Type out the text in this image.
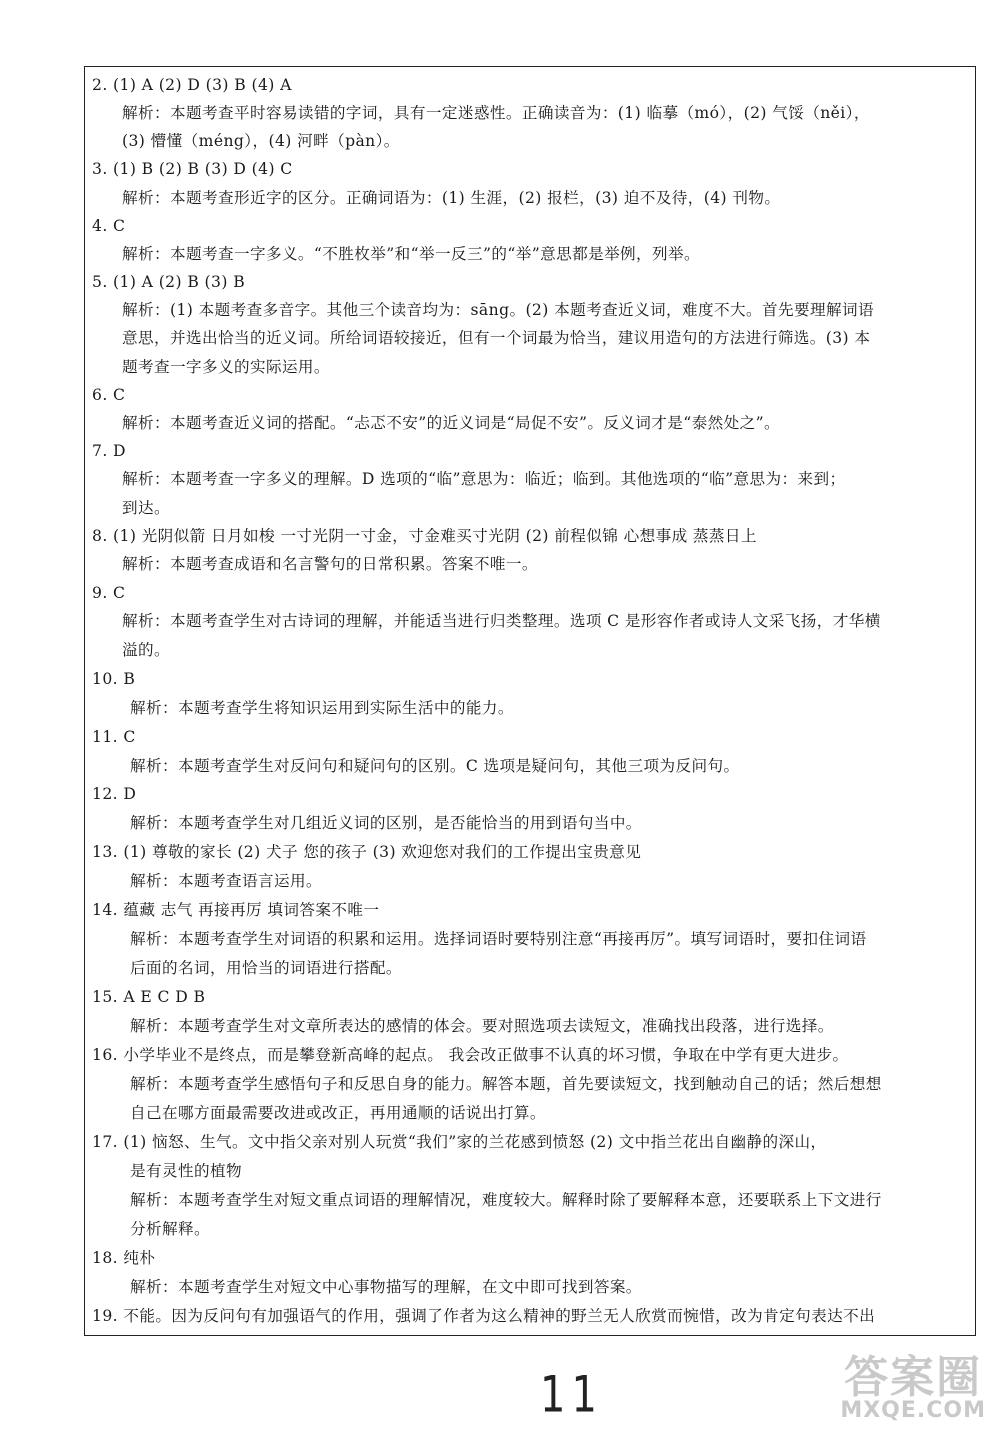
2. (1) A (2) D (3) B (4) A
解析：本题考查平时容易读错的字词，具有一定迷惑性。正确读音为：(1) 临摹（mó），(2) 气馁（něi），
(3) 懵懂（méng），(4) 河畔（pàn）。
3. (1) B (2) B (3) D (4) C
解析：本题考查形近字的区分。正确词语为：(1) 生涯，(2) 报栏，(3) 迫不及待，(4) 刊物。
4. C
解析：本题考查一字多义。“不胜枚举”和“举一反三”的“举”意思都是举例，列举。
5. (1) A (2) B (3) B
解析：(1) 本题考查多音字。其他三个读音均为：sāng。(2) 本题考查近义词，难度不大。首先要理解词语
意思，并选出恰当的近义词。所给词语较接近，但有一个词最为恰当，建议用造句的方法进行筛选。(3) 本
题考查一字多义的实际运用。
6. C
解析：本题考查近义词的搭配。“忐忑不安”的近义词是“局促不安”。反义词才是“泰然处之”。
7. D
解析：本题考查一字多义的理解。D 选项的“临”意思为：临近；临到。其他选项的“临”意思为：来到；
到达。
8. (1) 光阴似箭 日月如梭 一寸光阴一寸金，寸金难买寸光阴 (2) 前程似锦 心想事成 蒸蒸日上
解析：本题考查成语和名言警句的日常积累。答案不唯一。
9. C
解析：本题考查学生对古诗词的理解，并能适当进行归类整理。选项 C 是形容作者或诗人文采飞扬，才华横
溢的。
10. B
解析：本题考查学生将知识运用到实际生活中的能力。
11. C
解析：本题考查学生对反问句和疑问句的区别。C 选项是疑问句，其他三项为反问句。
12. D
解析：本题考查学生对几组近义词的区别，是否能恰当的用到语句当中。
13. (1) 尊敬的家长 (2) 犬子 您的孩子 (3) 欢迎您对我们的工作提出宝贵意见
解析：本题考查语言运用。
14. 蕴藏 志气 再接再厉 填词答案不唯一
解析：本题考查学生对词语的积累和运用。选择词语时要特别注意“再接再厉”。填写词语时，要扣住词语
后面的名词，用恰当的词语进行搭配。
15. A E C D B
解析：本题考查学生对文章所表达的感情的体会。要对照选项去读短文，准确找出段落，进行选择。
16. 小学毕业不是终点，而是攀登新高峰的起点。 我会改正做事不认真的坏习惯，争取在中学有更大进步。
解析：本题考查学生感悟句子和反思自身的能力。解答本题，首先要读短文，找到触动自己的话；然后想想
自己在哪方面最需要改进或改正，再用通顺的话说出打算。
17. (1) 恼怒、生气。文中指父亲对别人玩赏“我们”家的兰花感到愤怒 (2) 文中指兰花出自幽静的深山，
是有灵性的植物
解析：本题考查学生对短文重点词语的理解情况，难度较大。解释时除了要解释本意，还要联系上下文进行
分析解释。
18. 纯朴
解析：本题考查学生对短文中心事物描写的理解，在文中即可找到答案。
19. 不能。因为反问句有加强语气的作用，强调了作者为这么精神的野兰无人欣赏而惋惜，改为肯定句表达不出
11	答案圈
MXQE.COM
